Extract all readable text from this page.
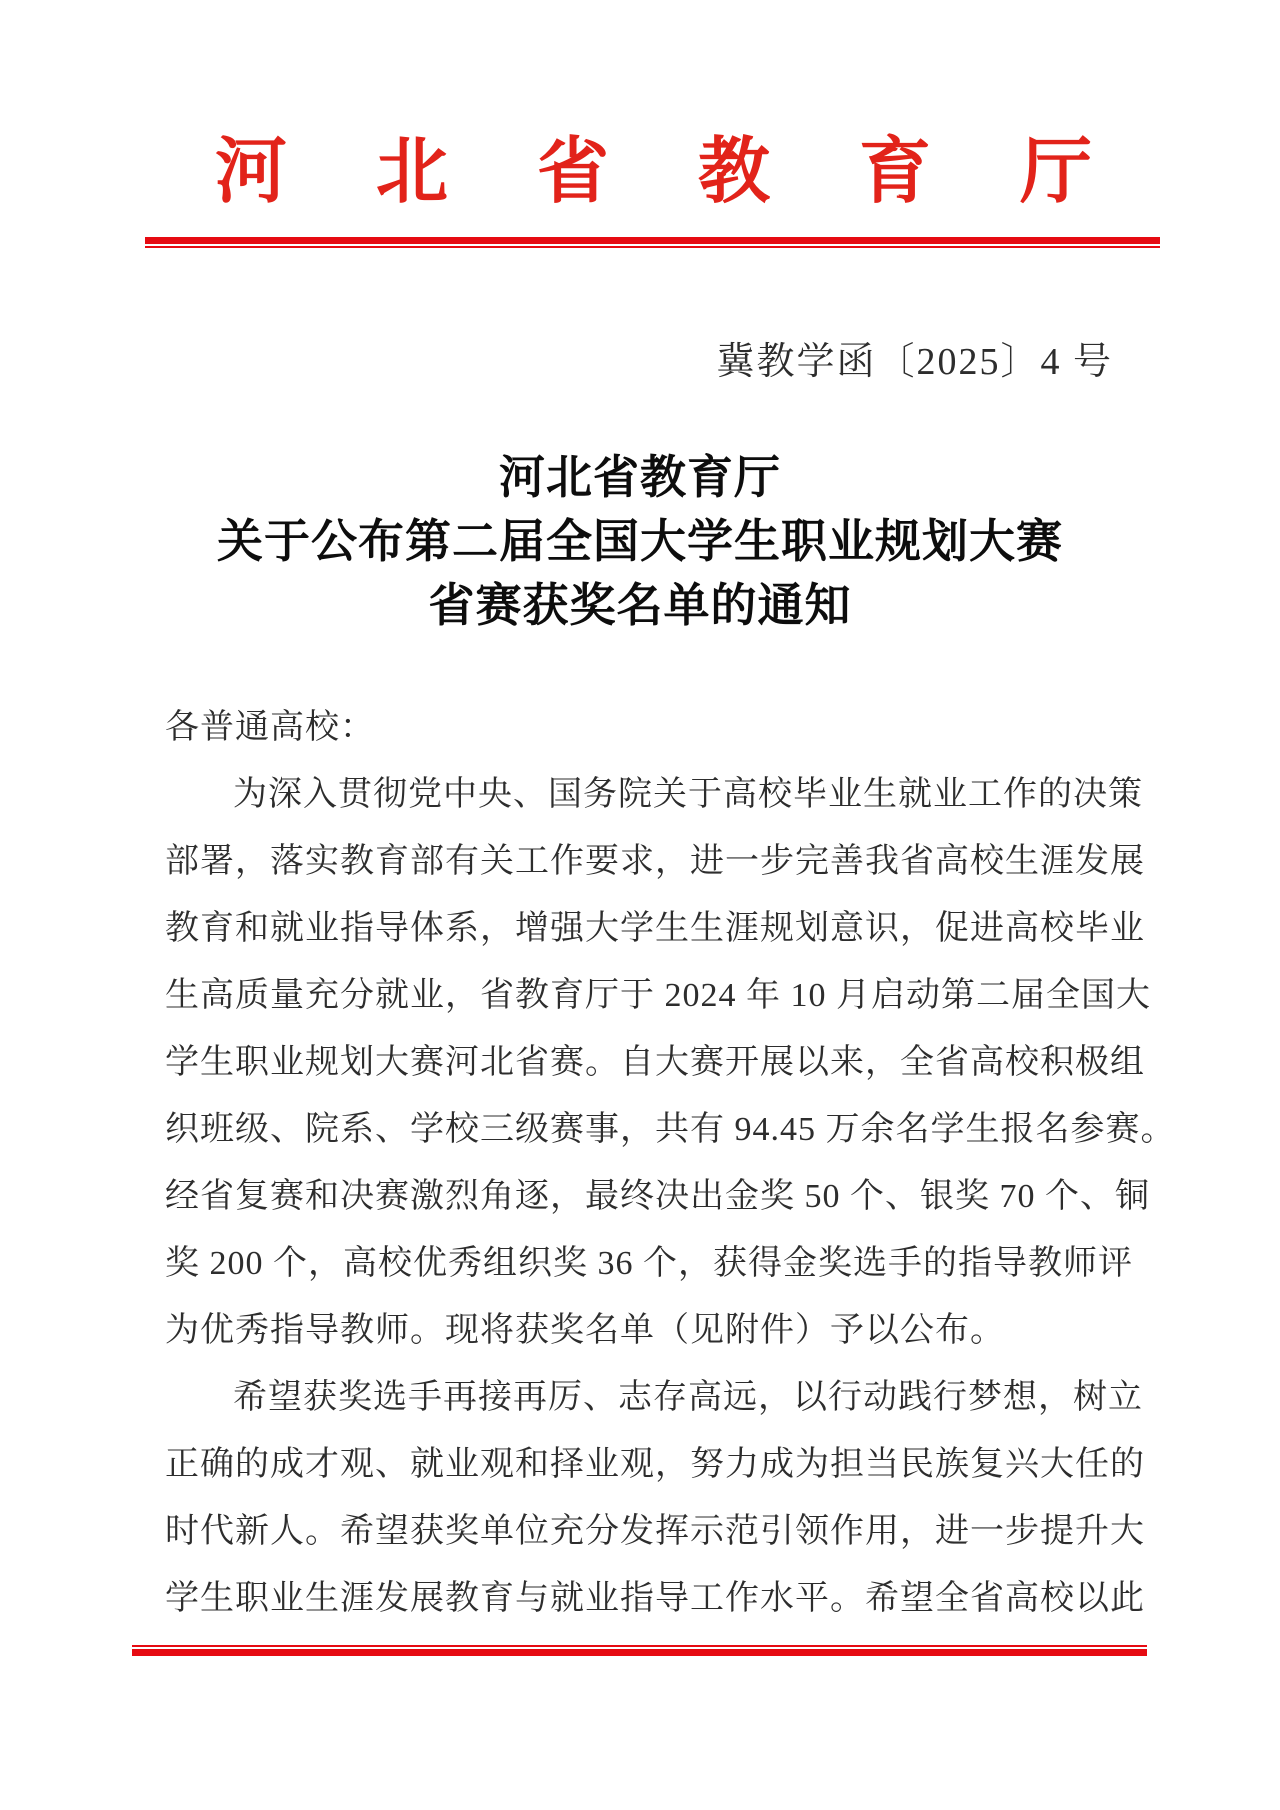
河北省教育厅
冀教学函〔2025〕4 号
河北省教育厅
关于公布第二届全国大学生职业规划大赛
省赛获奖名单的通知
各普通高校：
为深入贯彻党中央、国务院关于高校毕业生就业工作的决策
部署，落实教育部有关工作要求，进一步完善我省高校生涯发展
教育和就业指导体系，增强大学生生涯规划意识，促进高校毕业
生高质量充分就业，省教育厅于 2024 年 10 月启动第二届全国大
学生职业规划大赛河北省赛。自大赛开展以来，全省高校积极组
织班级、院系、学校三级赛事，共有 94.45 万余名学生报名参赛。
经省复赛和决赛激烈角逐，最终决出金奖 50 个、银奖 70 个、铜
奖 200 个，高校优秀组织奖 36 个，获得金奖选手的指导教师评
为优秀指导教师。现将获奖名单（见附件）予以公布。
希望获奖选手再接再厉、志存高远，以行动践行梦想，树立
正确的成才观、就业观和择业观，努力成为担当民族复兴大任的
时代新人。希望获奖单位充分发挥示范引领作用，进一步提升大
学生职业生涯发展教育与就业指导工作水平。希望全省高校以此
